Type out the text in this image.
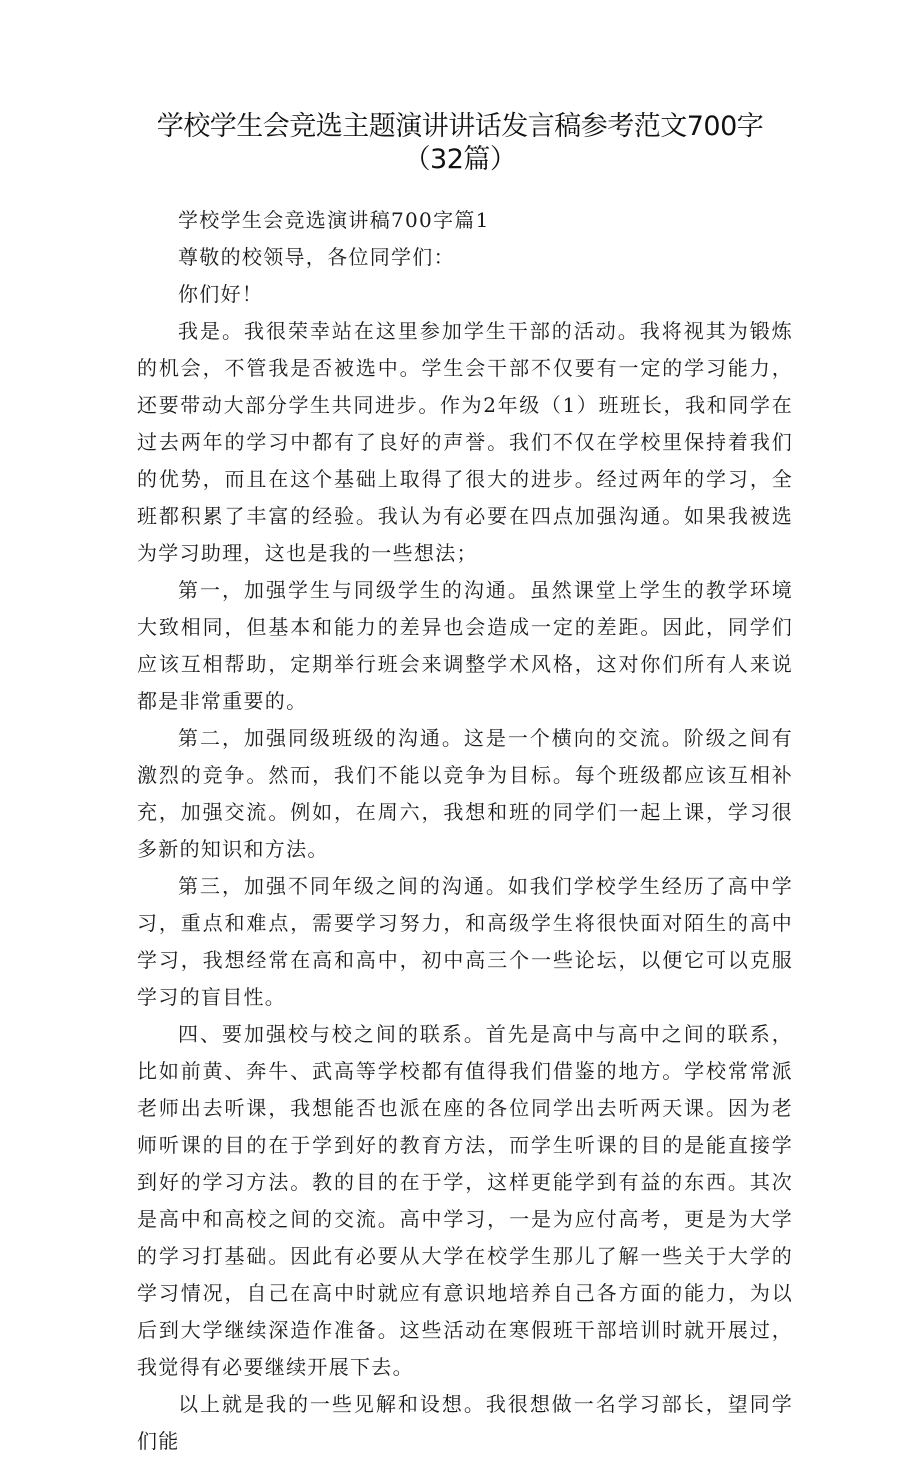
学校学生会竞选主题演讲讲话发言稿参考范文700字
（32篇）

学校学生会竞选演讲稿700字篇1

尊敬的校领导，各位同学们：

你们好！

我是。我很荣幸站在这里参加学生干部的活动。我将视其为锻炼的机会，不管我是否被选中。学生会干部不仅要有一定的学习能力，还要带动大部分学生共同进步。作为2年级（1）班班长，我和同学在过去两年的学习中都有了良好的声誉。我们不仅在学校里保持着我们的优势，而且在这个基础上取得了很大的进步。经过两年的学习，全班都积累了丰富的经验。我认为有必要在四点加强沟通。如果我被选为学习助理，这也是我的一些想法；

第一，加强学生与同级学生的沟通。虽然课堂上学生的教学环境大致相同，但基本和能力的差异也会造成一定的差距。因此，同学们应该互相帮助，定期举行班会来调整学术风格，这对你们所有人来说都是非常重要的。

第二，加强同级班级的沟通。这是一个横向的交流。阶级之间有激烈的竞争。然而，我们不能以竞争为目标。每个班级都应该互相补充，加强交流。例如，在周六，我想和班的同学们一起上课，学习很多新的知识和方法。

第三，加强不同年级之间的沟通。如我们学校学生经历了高中学习，重点和难点，需要学习努力，和高级学生将很快面对陌生的高中学习，我想经常在高和高中，初中高三个一些论坛，以便它可以克服学习的盲目性。

四、要加强校与校之间的联系。首先是高中与高中之间的联系，比如前黄、奔牛、武高等学校都有值得我们借鉴的地方。学校常常派老师出去听课，我想能否也派在座的各位同学出去听两天课。因为老师听课的目的在于学到好的教育方法，而学生听课的目的是能直接学到好的学习方法。教的目的在于学，这样更能学到有益的东西。其次是高中和高校之间的交流。高中学习，一是为应付高考，更是为大学的学习打基础。因此有必要从大学在校学生那儿了解一些关于大学的学习情况，自己在高中时就应有意识地培养自己各方面的能力，为以后到大学继续深造作准备。这些活动在寒假班干部培训时就开展过，我觉得有必要继续开展下去。

以上就是我的一些见解和设想。我很想做一名学习部长，望同学们能
